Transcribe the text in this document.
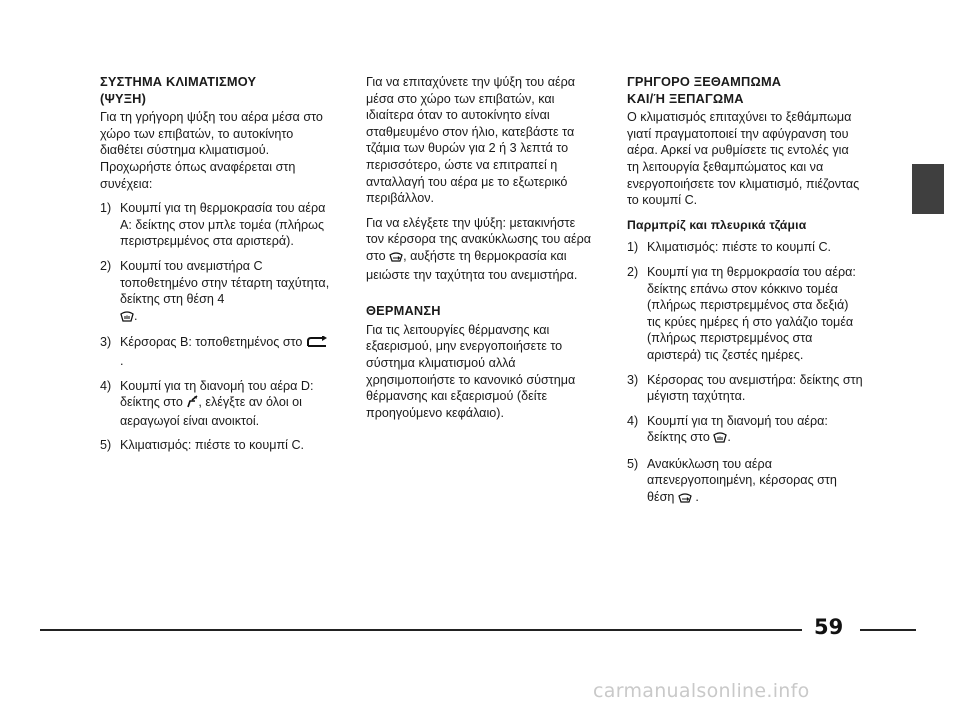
ΣΥΣΤΗΜΑ ΚΛΙΜΑΤΙΣΜΟΥ
(ΨΥΞΗ)

Για τη γρήγορη ψύξη του αέρα μέσα στο χώρο των επιβατών, το αυτοκίνητο διαθέτει σύστημα κλιματισμού. Προχωρήστε όπως αναφέρεται στη συνέχεια:

1) Κουμπί για τη θερμοκρασία του αέρα A: δείκτης στον μπλε τομέα (πλήρως περιστρεμμένος στα αριστερά).
2) Κουμπί του ανεμιστήρα C τοποθετημένο στην τέταρτη ταχύτητα, δείκτης στη θέση 4
.
3) Κέρσορας B: τοποθετημένος στο .
4) Κουμπί για τη διανομή του αέρα D: δείκτης στο , ελέγξτε αν όλοι οι αεραγωγοί είναι ανοικτοί.
5) Κλιματισμός: πιέστε το κουμπί C.

Για να επιταχύνετε την ψύξη του αέρα μέσα στο χώρο των επιβατών, και ιδιαίτερα όταν το αυτοκίνητο είναι σταθμευμένο στον ήλιο, κατεβάστε τα τζάμια των θυρών για 2 ή 3 λεπτά το περισσότερο, ώστε να επιτραπεί η ανταλλαγή του αέρα με το εξωτερικό περιβάλλον.

Για να ελέγξετε την ψύξη: μετακινήστε τον κέρσορα της ανακύκλωσης του αέρα στο , αυξήστε τη θερμοκρασία και μειώστε την ταχύτητα του ανεμιστήρα.

ΘΕΡΜΑΝΣΗ

Για τις λειτουργίες θέρμανσης και εξαερισμού, μην ενεργοποιήσετε το σύστημα κλιματισμού αλλά χρησιμοποιήστε το κανονικό σύστημα θέρμανσης και εξαερισμού (δείτε προηγούμενο κεφάλαιο).

ΓΡΗΓΟΡΟ ΞΕΘΑΜΠΩΜΑ
ΚΑΙ/Ή ΞΕΠΑΓΩΜΑ

Ο κλιματισμός επιταχύνει το ξεθάμπωμα γιατί πραγματοποιεί την αφύγρανση του αέρα. Αρκεί να ρυθμίσετε τις εντολές για τη λειτουργία ξεθαμπώματος και να ενεργοποιήσετε τον κλιματισμό, πιέζοντας το κουμπί C.

Παρμπρίζ και πλευρικά τζάμια
1) Κλιματισμός: πιέστε το κουμπί C.
2) Κουμπί για τη θερμοκρασία του αέρα: δείκτης επάνω στον κόκκινο τομέα (πλήρως περιστρεμμένος στα δεξιά) τις κρύες ημέρες ή στο γαλάζιο τομέα (πλήρως περιστρεμμένος στα αριστερά) τις ζεστές ημέρες.
3) Κέρσορας του ανεμιστήρα: δείκτης στη μέγιστη ταχύτητα.
4) Κουμπί για τη διανομή του αέρα: δείκτης στο .
5) Ανακύκλωση του αέρα απενεργοποιημένη, κέρσορας στη θέση  .
59
carmanualsonline.info
